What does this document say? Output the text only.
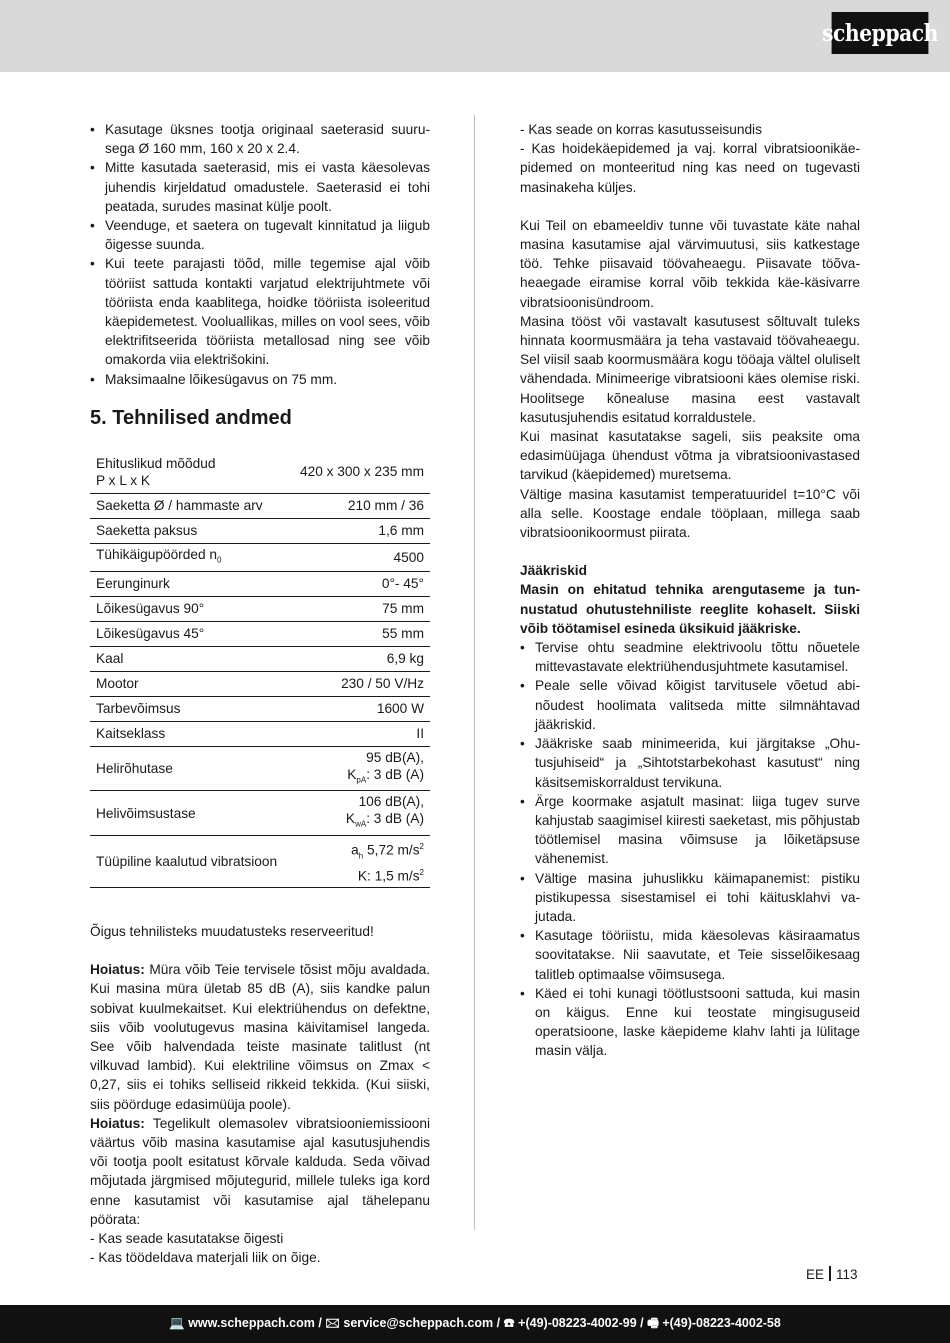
scheppach
• Kasutage üksnes tootja originaal saeterasid suurusega Ø 160 mm, 160 x 20 x 2.4.
• Mitte kasutada saeterasid, mis ei vasta käesolevas juhendis kirjeldatud omadustele. Saeterasid ei tohi peatada, surudes masinat külje poolt.
• Veenduge, et saetera on tugevalt kinnitatud ja liigub õigesse suunda.
• Kui teete parajasti töõd, mille tegemise ajal võib tööriist sattuda kontakti varjatud elektrijuhtmete või tööriista enda kaablitega, hoidke tööriista isoleeritud käepidemetest. Vooluallikas, milles on vool sees, võib elektrifitseerida tööriista metallosad ning see võib omakorda viia elektrišokini.
• Maksimaalne lõikesügavus on 75 mm.
5. Tehnilised andmed
Ehituslikud mõõdud
P x L x K	420 x 300 x 235 mm
Saeketta Ø / hammaste arv	210 mm / 36
Saeketta paksus	1,6 mm
Tühikäigupöörded $n_0$	4500
Eerunginurk	0°- 45°
Lõikesügavus 90°	75 mm
Lõikesügavus 45°	55 mm
Kaal	6,9 kg
Mootor	230 / 50 V/Hz
Tarbevõimsus	1600 W
Kaitseklass	II
Helirõhutase	95 dB(A),
$K_{pA}$: 3 dB (A)
Helivõimsustase	106 dB(A),
$K_{wA}$: 3 dB (A)
Tüüpiline kaalutud vibratsioon	$a_h$ 5,72 $m/s^2$
K: 1,5 $m/s^2$

Õigus tehnilisteks muudatusteks reserveeritud!

Hoiatus: Müra võib Teie tervisele tõsist mõju avaldada. Kui masina müra ületab 85 dB (A), siis kandke palun sobivat kuulmekaitset. Kui elektriühendus on defektne, siis võib voolutugevus masina käivitamisel langeda. See võib halvendada teiste masinate talitlust (nt vilkuvad lambid). Kui elektriline võimsus on Zmax < 0,27, siis ei tohiks selliseid rikkeid tekkida. (Kui siiski, siis pöörduge edasimüüja poole).

Hoiatus: Tegelikult olemasolev vibratsiooniemissiooni väärtus võib masina kasutamise ajal kasutusjuhendis või tootja poolt esitatust kõrvale kalduda. Seda võivad mõjutada järgmised mõjutegurid, millele tuleks iga kord enne kasutamist või kasutamise ajal tähelepanu pöörata:

- Kas seade kasutatakse õigesti

- Kas töödeldava materjali liik on õige.

- Kas seade on korras kasutusseisundis

- Kas hoidekäepidemed ja vaj. korral vibratsioonikäepidemed on monteeritud ning kas need on tugevasti masinakeha küljes.

Kui Teil on ebameeldiv tunne või tuvastate käte nahal masina kasutamise ajal värvimuutusi, siis katkestage töö. Tehke piisavaid töövaheaegu. Piisavate töõvaheaegade eiramise korral võib tekkida käe-käsivarre vibratsioonisündroom.

Masina tööst või vastavalt kasutusest sõltuvalt tuleks hinnata koormusmäära ja teha vastavaid töövaheaegu. Sel viisil saab koormusmäära kogu tööaja vältel oluliselt vähendada. Minimeerige vibratsiooni käes olemise riski. Hoolitsege kõnealuse masina eest vastavalt kasutusjuhendis esitatud korraldustele.

Kui masinat kasutatakse sageli, siis peaksite oma edasimüüjaga ühendust võtma ja vibratsioonivastased tarvikud (käepidemed) muretsema.

Vältige masina kasutamist temperatuuridel t=10°C või alla selle. Koostage endale tööplaan, millega saab vibratsioonikoormust piirata.

Jääkriskid

Masin on ehitatud tehnika arengutaseme ja tunnustatud ohutustehniliste reeglite kohaselt. Siiski võib töötamisel esineda üksikuid jääkriske.

• Tervise ohtu seadmine elektrivoolu tõttu nõuetele mittevastavate elektriühendusjuhtmete kasutamisel.
• Peale selle võivad kõigist tarvitusele võetud abinõudest hoolimata valitseda mitte silmnähtavad jääkriskid.
• Jääkriske saab minimeerida, kui järgitakse „Ohutusjuhiseid“ ja „Sihtotstarbekohast kasutust“ ning käsitsemiskorraldust tervikuna.
• Ärge koormake asjatult masinat: liiga tugev surve kahjustab saagimisel kiiresti saeketast, mis põhjustab töötlemisel masina võimsuse ja lõiketäpsuse vähenemist.
• Vältige masina juhuslikku käimapanemist: pistiku pistikupessa sisestamisel ei tohi käitusklahvi vajutada.
• Kasutage tööriistu, mida käesolevas käsiraamatus soovitatakse. Nii saavutate, et Teie sisselõikesaag talitleb optimaalse võimsusega.
• Käed ei tohi kunagi töötlustsooni sattuda, kui masin on käigus. Enne kui teostate mingisuguseid operatsioone, laske käepideme klahv lahti ja lülitage masin välja.
EE 113
💻 www.scheppach.com / 🖂 service@scheppach.com / ☎ +(49)-08223-4002-99 / 🖷 +(49)-08223-4002-58
